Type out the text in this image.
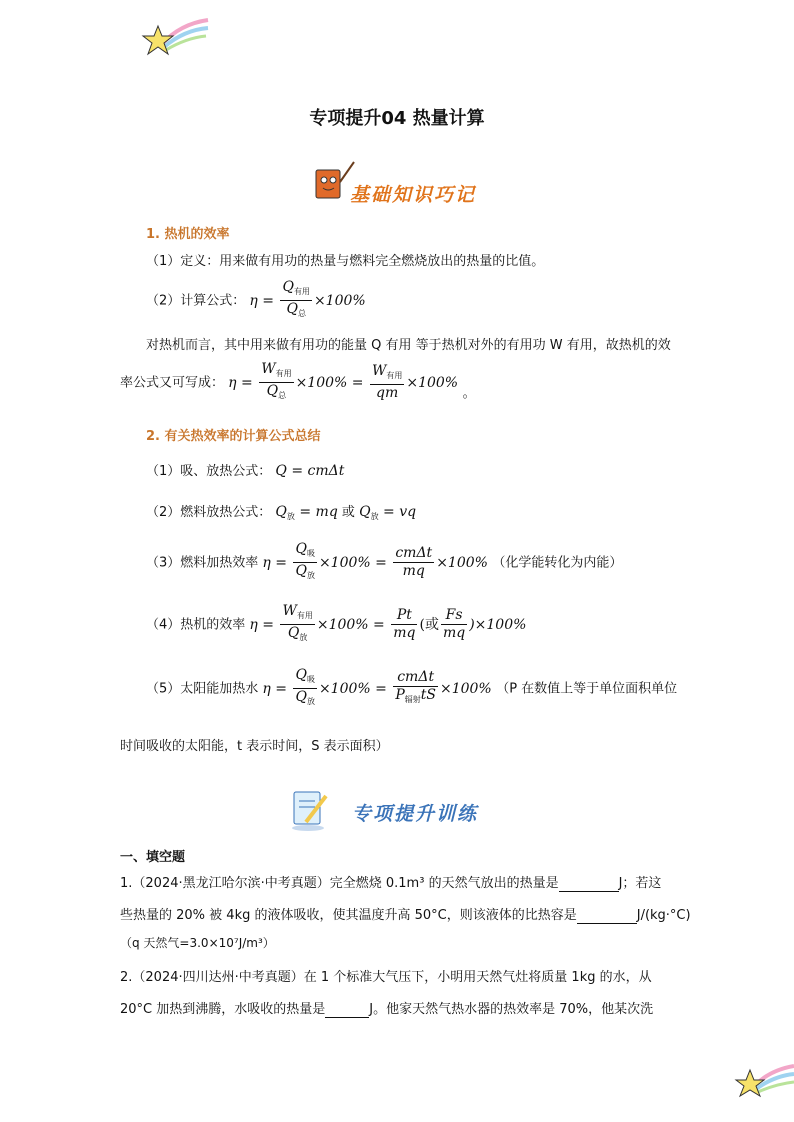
专项提升04 热量计算
基础知识巧记
1. 热机的效率
（1）定义：用来做有用功的热量与燃料完全燃烧放出的热量的比值。
（2）计算公式： $\eta = \frac{Q_{有用}}{Q_总} \times 100\%$
对热机而言，其中用来做有用功的能量 Q 有用 等于热机对外的有用功 W 有用，故热机的效
率公式又可写成： $\eta = \frac{W_{有用}}{Q_总} \times 100\% = \frac{W_{有用}}{qm} \times 100\%$ 。
2. 有关热效率的计算公式总结
（1）吸、放热公式： Q = cmΔt
（2）燃料放热公式： $Q_放$ = mq 或 $Q_放$ = vq
（3）燃料加热效率 $\eta = \frac{Q_吸}{Q_放} \times 100\% = \frac{\text{cmΔt}}{mq} \times 100\%$ （化学能转化为内能）
（4）热机的效率 $\eta = \frac{W_{有用}}{Q_放} \times 100\% = \frac{Pt}{mq}$ (或 $\frac{Fs}{mq} )\times 100\%$
（5）太阳能加热水 $\eta = \frac{Q_吸}{Q_放} \times 100\% = \frac{\text{cmΔt}}{P_{辐射}tS} \times 100\%$ （P 在数值上等于单位面积单位
时间吸收的太阳能，t 表示时间，S 表示面积）
专项提升训练
一、填空题
1.（2024·黑龙江哈尔滨·中考真题）完全燃烧 0.1m³ 的天然气放出的热量是	J；若这
些热量的 20% 被 4kg 的液体吸收，使其温度升高 50°C，则该液体的比热容是	J/(kg·°C)
（q 天然气=3.0×10⁷J/m³）
2.（2024·四川达州·中考真题）在 1 个标准大气压下，小明用天然气灶将质量 1kg 的水，从
20°C 加热到沸腾，水吸收的热量是	J。他家天然气热水器的热效率是 70%，他某次洗
